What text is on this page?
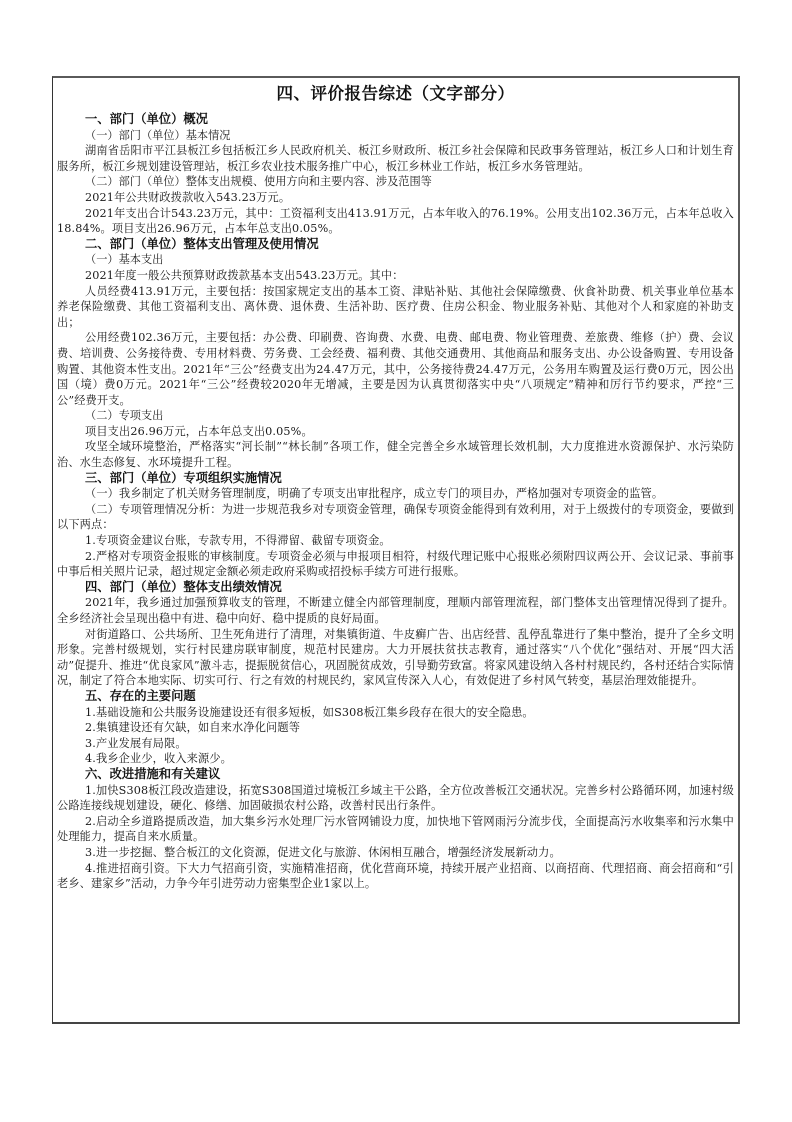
四、评价报告综述（文字部分）
一、部门（单位）概况
（一）部门（单位）基本情况
湖南省岳阳市平江县板江乡包括板江乡人民政府机关、板江乡财政所、板江乡社会保障和民政事务管理站，板江乡人口和计划生育服务所，板江乡规划建设管理站，板江乡农业技术服务推广中心，板江乡林业工作站，板江乡水务管理站。
（二）部门（单位）整体支出规模、使用方向和主要内容、涉及范围等
2021年公共财政拨款收入543.23万元。
2021年支出合计543.23万元，其中：工资福利支出413.91万元，占本年收入的76.19%。公用支出102.36万元，占本年总收入18.84%。项目支出26.96万元，占本年总支出0.05%。
二、部门（单位）整体支出管理及使用情况
（一）基本支出
2021年度一般公共预算财政拨款基本支出543.23万元。其中：
人员经费413.91万元，主要包括：按国家规定支出的基本工资、津贴补贴、其他社会保障缴费、伙食补助费、机关事业单位基本养老保险缴费、其他工资福利支出、离休费、退休费、生活补助、医疗费、住房公积金、物业服务补贴、其他对个人和家庭的补助支出；
公用经费102.36万元，主要包括：办公费、印刷费、咨询费、水费、电费、邮电费、物业管理费、差旅费、维修（护）费、会议费、培训费、公务接待费、专用材料费、劳务费、工会经费、福利费、其他交通费用、其他商品和服务支出、办公设备购置、专用设备购置、其他资本性支出。2021年“三公”经费支出为24.47万元，其中，公务接待费24.47万元，公务用车购置及运行费0万元，因公出国（境）费0万元。2021年“三公”经费较2020年无增减，主要是因为认真贯彻落实中央“八项规定”精神和厉行节约要求，严控“三公”经费开支。
（二）专项支出
项目支出26.96万元，占本年总支出0.05%。
攻坚全域环境整治，严格落实“河长制”“林长制”各项工作，健全完善全乡水域管理长效机制，大力度推进水资源保护、水污染防治、水生态修复、水环境提升工程。
三、部门（单位）专项组织实施情况
（一）我乡制定了机关财务管理制度，明确了专项支出审批程序，成立专门的项目办，严格加强对专项资金的监管。
（二）专项管理情况分析：为进一步规范我乡对专项资金管理，确保专项资金能得到有效利用，对于上级拨付的专项资金，要做到以下两点：
1.专项资金建议台账，专款专用，不得滞留、截留专项资金。
2.严格对专项资金报账的审核制度。专项资金必须与申报项目相符，村级代理记账中心报账必须附四议两公开、会议记录、事前事中事后相关照片记录，超过规定金额必须走政府采购或招投标手续方可进行报账。
四、部门（单位）整体支出绩效情况
2021年，我乡通过加强预算收支的管理，不断建立健全内部管理制度，理顺内部管理流程，部门整体支出管理情况得到了提升。全乡经济社会呈现出稳中有进、稳中向好、稳中提质的良好局面。
对街道路口、公共场所、卫生死角进行了清理，对集镇街道、牛皮癣广告、出店经营、乱停乱靠进行了集中整治，提升了全乡文明形象。完善村级规划，实行村民建房联审制度，规范村民建房。大力开展扶贫扶志教育，通过落实“八个优化”强结对、开展“四大活动”促提升、推进“优良家风”激斗志，提振脱贫信心，巩固脱贫成效，引导勤劳致富。将家风建设纳入各村村规民约，各村还结合实际情况，制定了符合本地实际、切实可行、行之有效的村规民约，家风宣传深入人心，有效促进了乡村风气转变，基层治理效能提升。
五、存在的主要问题
1.基础设施和公共服务设施建设还有很多短板，如S308板江集乡段存在很大的安全隐患。
2.集镇建设还有欠缺，如自来水净化问题等
3.产业发展有局限。
4.我乡企业少，收入来源少。
六、改进措施和有关建议
1.加快S308板江段改造建设，拓宽S308国道过境板江乡域主干公路，全方位改善板江交通状况。完善乡村公路循环网，加速村级公路连接线规划建设，硬化、修缮、加固破损农村公路，改善村民出行条件。
2.启动全乡道路提质改造，加大集乡污水处理厂污水管网铺设力度，加快地下管网雨污分流步伐，全面提高污水收集率和污水集中处理能力，提高自来水质量。
3.进一步挖掘、整合板江的文化资源，促进文化与旅游、休闲相互融合，增强经济发展新动力。
4.推进招商引资。下大力气招商引资，实施精准招商，优化营商环境，持续开展产业招商、以商招商、代理招商、商会招商和“引老乡、建家乡”活动，力争今年引进劳动力密集型企业1家以上。
